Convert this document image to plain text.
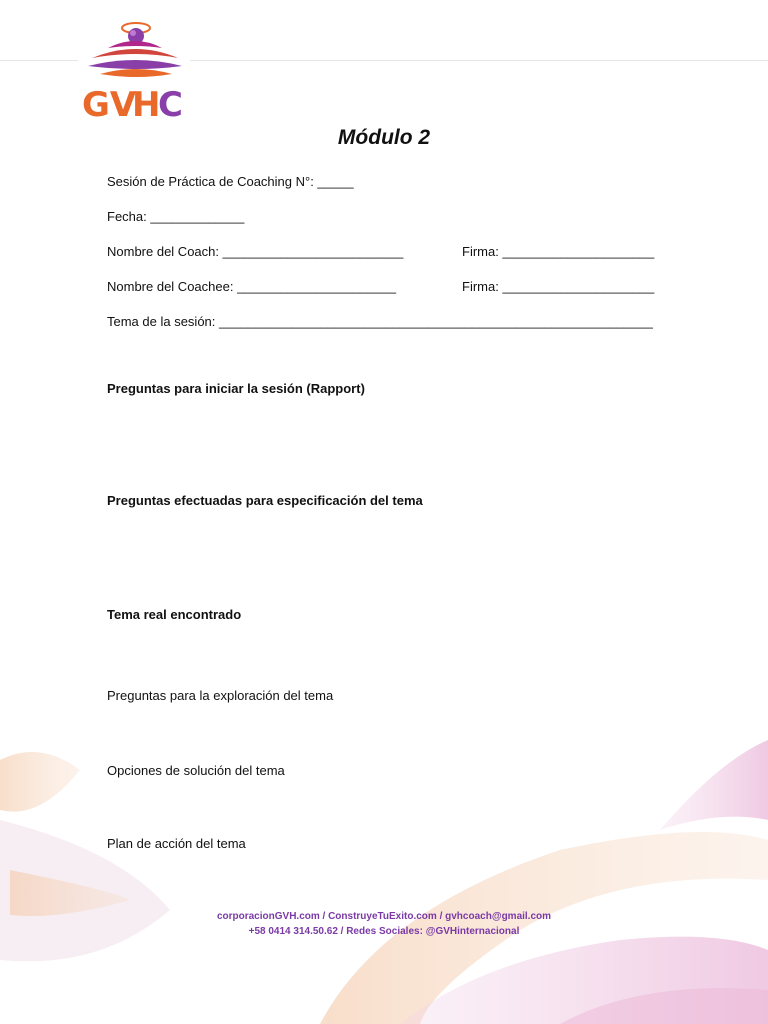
GV
H
C
Módulo 2
Sesión de Práctica de Coaching N°: _____
Fecha: _____________
Nombre del Coach: _________________________	Firma: _____________________
Nombre del Coachee: ______________________	Firma: _____________________
Tema de la sesión: ____________________________________________________________
Preguntas para iniciar la sesión (Rapport)
Preguntas efectuadas para especificación del tema
Tema real encontrado
Preguntas para la exploración del tema
Opciones de solución del tema
Plan de acción del tema
corporacionGVH.com / ConstruyeTuExito.com / gvhcoach@gmail.com
+58 0414 314.50.62 / Redes Sociales: @GVHinternacional
